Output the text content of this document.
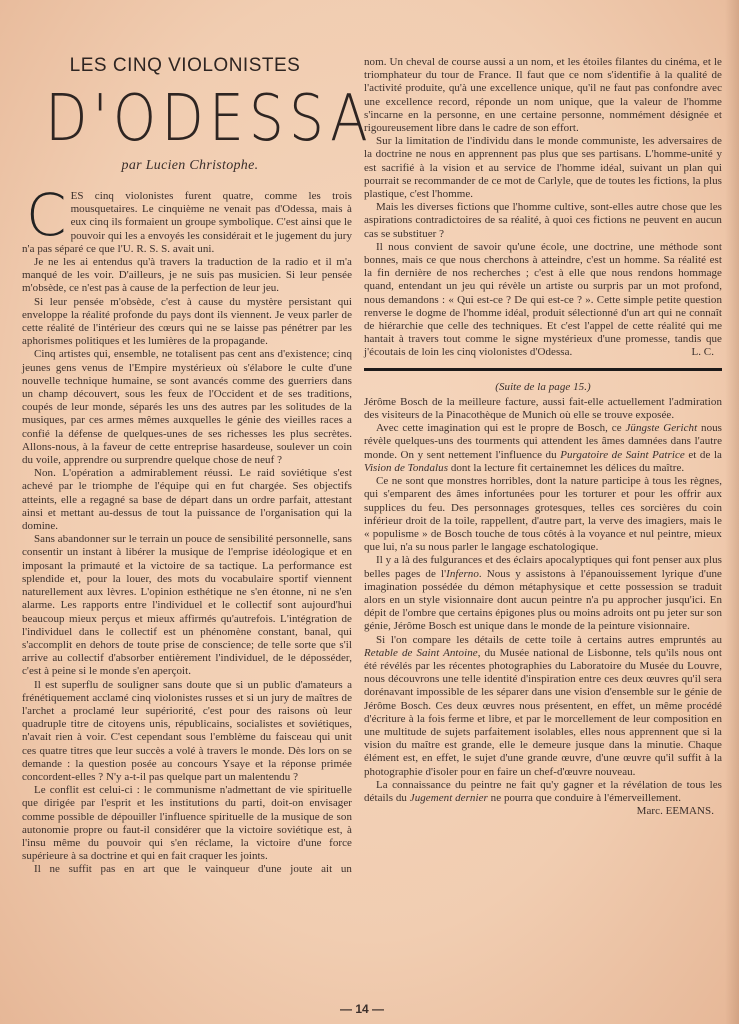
LES CINQ VIOLONISTES
D'ODESSA
par Lucien Christophe.
C ES cinq violonistes furent quatre, comme les trois mousquetaires. Le cinquième ne venait pas d'Odessa, mais à eux cinq ils formaient un groupe symbolique. C'est ainsi que le pouvoir qui les a envoyés les considérait et le jugement du jury n'a pas séparé ce que l'U. R. S. S. avait uni.

Je ne les ai entendus qu'à travers la traduction de la radio et il m'a manqué de les voir. D'ailleurs, je ne suis pas musicien. Si leur pensée m'obsède, ce n'est pas à cause de la perfection de leur jeu.

Si leur pensée m'obsède, c'est à cause du mystère persistant qui enveloppe la réalité profonde du pays dont ils viennent. Je veux parler de cette réalité de l'intérieur des cœurs qui ne se laisse pas pénétrer par les aphorismes politiques et les lumières de la propagande.

Cinq artistes qui, ensemble, ne totalisent pas cent ans d'existence; cinq jeunes gens venus de l'Empire mystérieux où s'élabore le culte d'une nouvelle technique humaine, se sont avancés comme des guerriers dans un champ découvert, sous les feux de l'Occident et de ses traditions, coupés de leur monde, séparés les uns des autres par les solitudes de la musiques, par ces armes mêmes auxquelles le génie des vieilles races a confié la défense de quelques-unes de ses richesses les plus secrètes. Allons-nous, à la faveur de cette entreprise hasardeuse, soulever un coin du voile, apprendre ou surprendre quelque chose de neuf ?

Non. L'opération a admirablement réussi. Le raid soviétique s'est achevé par le triomphe de l'équipe qui en fut chargée. Ses objectifs atteints, elle a regagné sa base de départ dans un ordre parfait, attestant ainsi et mettant au-dessus de tout la puissance de l'organisation qui la domine.

Sans abandonner sur le terrain un pouce de sensibilité personnelle, sans consentir un instant à libérer la musique de l'emprise idéologique et en imposant la primauté et la victoire de sa tactique. La performance est splendide et, pour la louer, des mots du vocabulaire sportif viennent naturellement aux lèvres. L'opinion esthétique ne s'en étonne, ni ne s'en alarme. Les rapports entre l'individuel et le collectif sont aujourd'hui beaucoup mieux perçus et mieux affirmés qu'autrefois. L'intégration de l'individuel dans le collectif est un phénomène constant, banal, qui s'accomplit en dehors de toute prise de conscience; de telle sorte que s'il arrive au collectif d'absorber entièrement l'individuel, de le déposséder, c'est à peine si le monde s'en aperçoit.

Il est superflu de souligner sans doute que si un public d'amateurs a frénétiquement acclamé cinq violonistes russes et si un jury de maîtres de l'archet a proclamé leur supériorité, c'est pour des raisons où leur quadruple titre de citoyens unis, républicains, socialistes et soviétiques, n'avait rien à voir. C'est cependant sous l'emblème du faisceau qui unit ces quatre titres que leur succès a volé à travers le monde. Dès lors on se demande : la question posée au concours Ysaye et la réponse primée concordent-elles ? N'y a-t-il pas quelque part un malentendu ?

Le conflit est celui-ci : le communisme n'admettant de vie spirituelle que dirigée par l'esprit et les institutions du parti, doit-on envisager comme possible de dépouiller l'influence spirituelle de la musique de son autonomie propre ou faut-il considérer que la victoire soviétique est, à l'insu même du pouvoir qui s'en réclame, la victoire d'une force supérieure à sa doctrine et qui en fait craquer les joints.

Il ne suffit pas en art que le vainqueur d'une joute ait un

nom. Un cheval de course aussi a un nom, et les étoiles filantes du cinéma, et le triomphateur du tour de France. Il faut que ce nom s'identifie à la qualité de l'activité produite, qu'à une excellence unique, qu'il ne faut pas confondre avec une excellence record, réponde un nom unique, que la valeur de l'homme s'incarne en la personne, en une certaine personne, nommément désignée et rigoureusement libre dans le cadre de son effort.

Sur la limitation de l'individu dans le monde communiste, les adversaires de la doctrine ne nous en apprennent pas plus que ses partisans. L'homme-unité y est sacrifié à la vision et au service de l'homme idéal, suivant un plan qui pourrait se recommander de ce mot de Carlyle, que de toutes les fictions, la plus plastique, c'est l'homme.

Mais les diverses fictions que l'homme cultive, sont-elles autre chose que les aspirations contradictoires de sa réalité, à quoi ces fictions ne peuvent en aucun cas se substituer ?

Il nous convient de savoir qu'une école, une doctrine, une méthode sont bonnes, mais ce que nous cherchons à atteindre, c'est un homme. Sa réalité est la fin dernière de nos recherches ; c'est à elle que nous rendons hommage quand, entendant un jeu qui révèle un artiste ou surpris par un mot profond, nous demandons : « Qui est-ce ? De qui est-ce ? ». Cette simple petite question renverse le dogme de l'homme idéal, produit sélectionné d'un art qui ne connaît de hiérarchie que celle des techniques. Et c'est l'appel de cette réalité qui me hantait à travers tout comme le signe mystérieux d'une promesse, tandis que j'écoutais de loin les cinq violonistes d'Odessa.	L. C.

(Suite de la page 15.)

Jérôme Bosch de la meilleure facture, aussi fait-elle actuellement l'admiration des visiteurs de la Pinacothèque de Munich où elle se trouve exposée.

Avec cette imagination qui est le propre de Bosch, ce Jüngste Gericht nous révèle quelques-uns des tourments qui attendent les âmes damnées dans l'autre monde. On y sent nettement l'influence du Purgatoire de Saint Patrice et de la Vision de Tondalus dont la lecture fit certainemnet les délices du maître.

Ce ne sont que monstres horribles, dont la nature participe à tous les règnes, qui s'emparent des âmes infortunées pour les torturer et pour les offrir aux supplices du feu. Des personnages grotesques, telles ces sorcières du coin inférieur droit de la toile, rappellent, d'autre part, la verve des imagiers, mais le « populisme » de Bosch touche de tous côtés à la voyance et nul peintre, mieux que lui, n'a su nous parler le langage eschatologique.

Il y a là des fulgurances et des éclairs apocalyptiques qui font penser aux plus belles pages de l'Inferno. Nous y assistons à l'épanouissement lyrique d'une imagination possédée du démon métaphysique et cette possession se traduit alors en un style visionnaire dont aucun peintre n'a pu approcher jusqu'ici. En dépit de l'ombre que certains épigones plus ou moins adroits ont pu jeter sur son génie, Jérôme Bosch est unique dans le monde de la peinture visionnaire.

Si l'on compare les détails de cette toile à certains autres empruntés au Retable de Saint Antoine, du Musée national de Lisbonne, tels qu'ils nous ont été révélés par les récentes photographies du Laboratoire du Musée du Louvre, nous découvrons une telle identité d'inspiration entre ces deux œuvres qu'il sera dorénavant impossible de les séparer dans une vision d'ensemble sur le génie de Jérôme Bosch. Ces deux œuvres nous présentent, en effet, un même procédé d'écriture à la fois ferme et libre, et par le morcellement de leur composition en une multitude de sujets parfaitement isolables, elles nous apprennent que si la vision du maître est grande, elle le demeure jusque dans la minutie. Chaque élément est, en effet, le sujet d'une grande œuvre, d'une œuvre qu'il suffit à la photographie d'isoler pour en faire un chef-d'œuvre nouveau.

La connaissance du peintre ne fait qu'y gagner et la révélation de tous les détails du Jugement dernier ne pourra que conduire à l'émerveillement.
Marc. EEMANS.

— 14 —
